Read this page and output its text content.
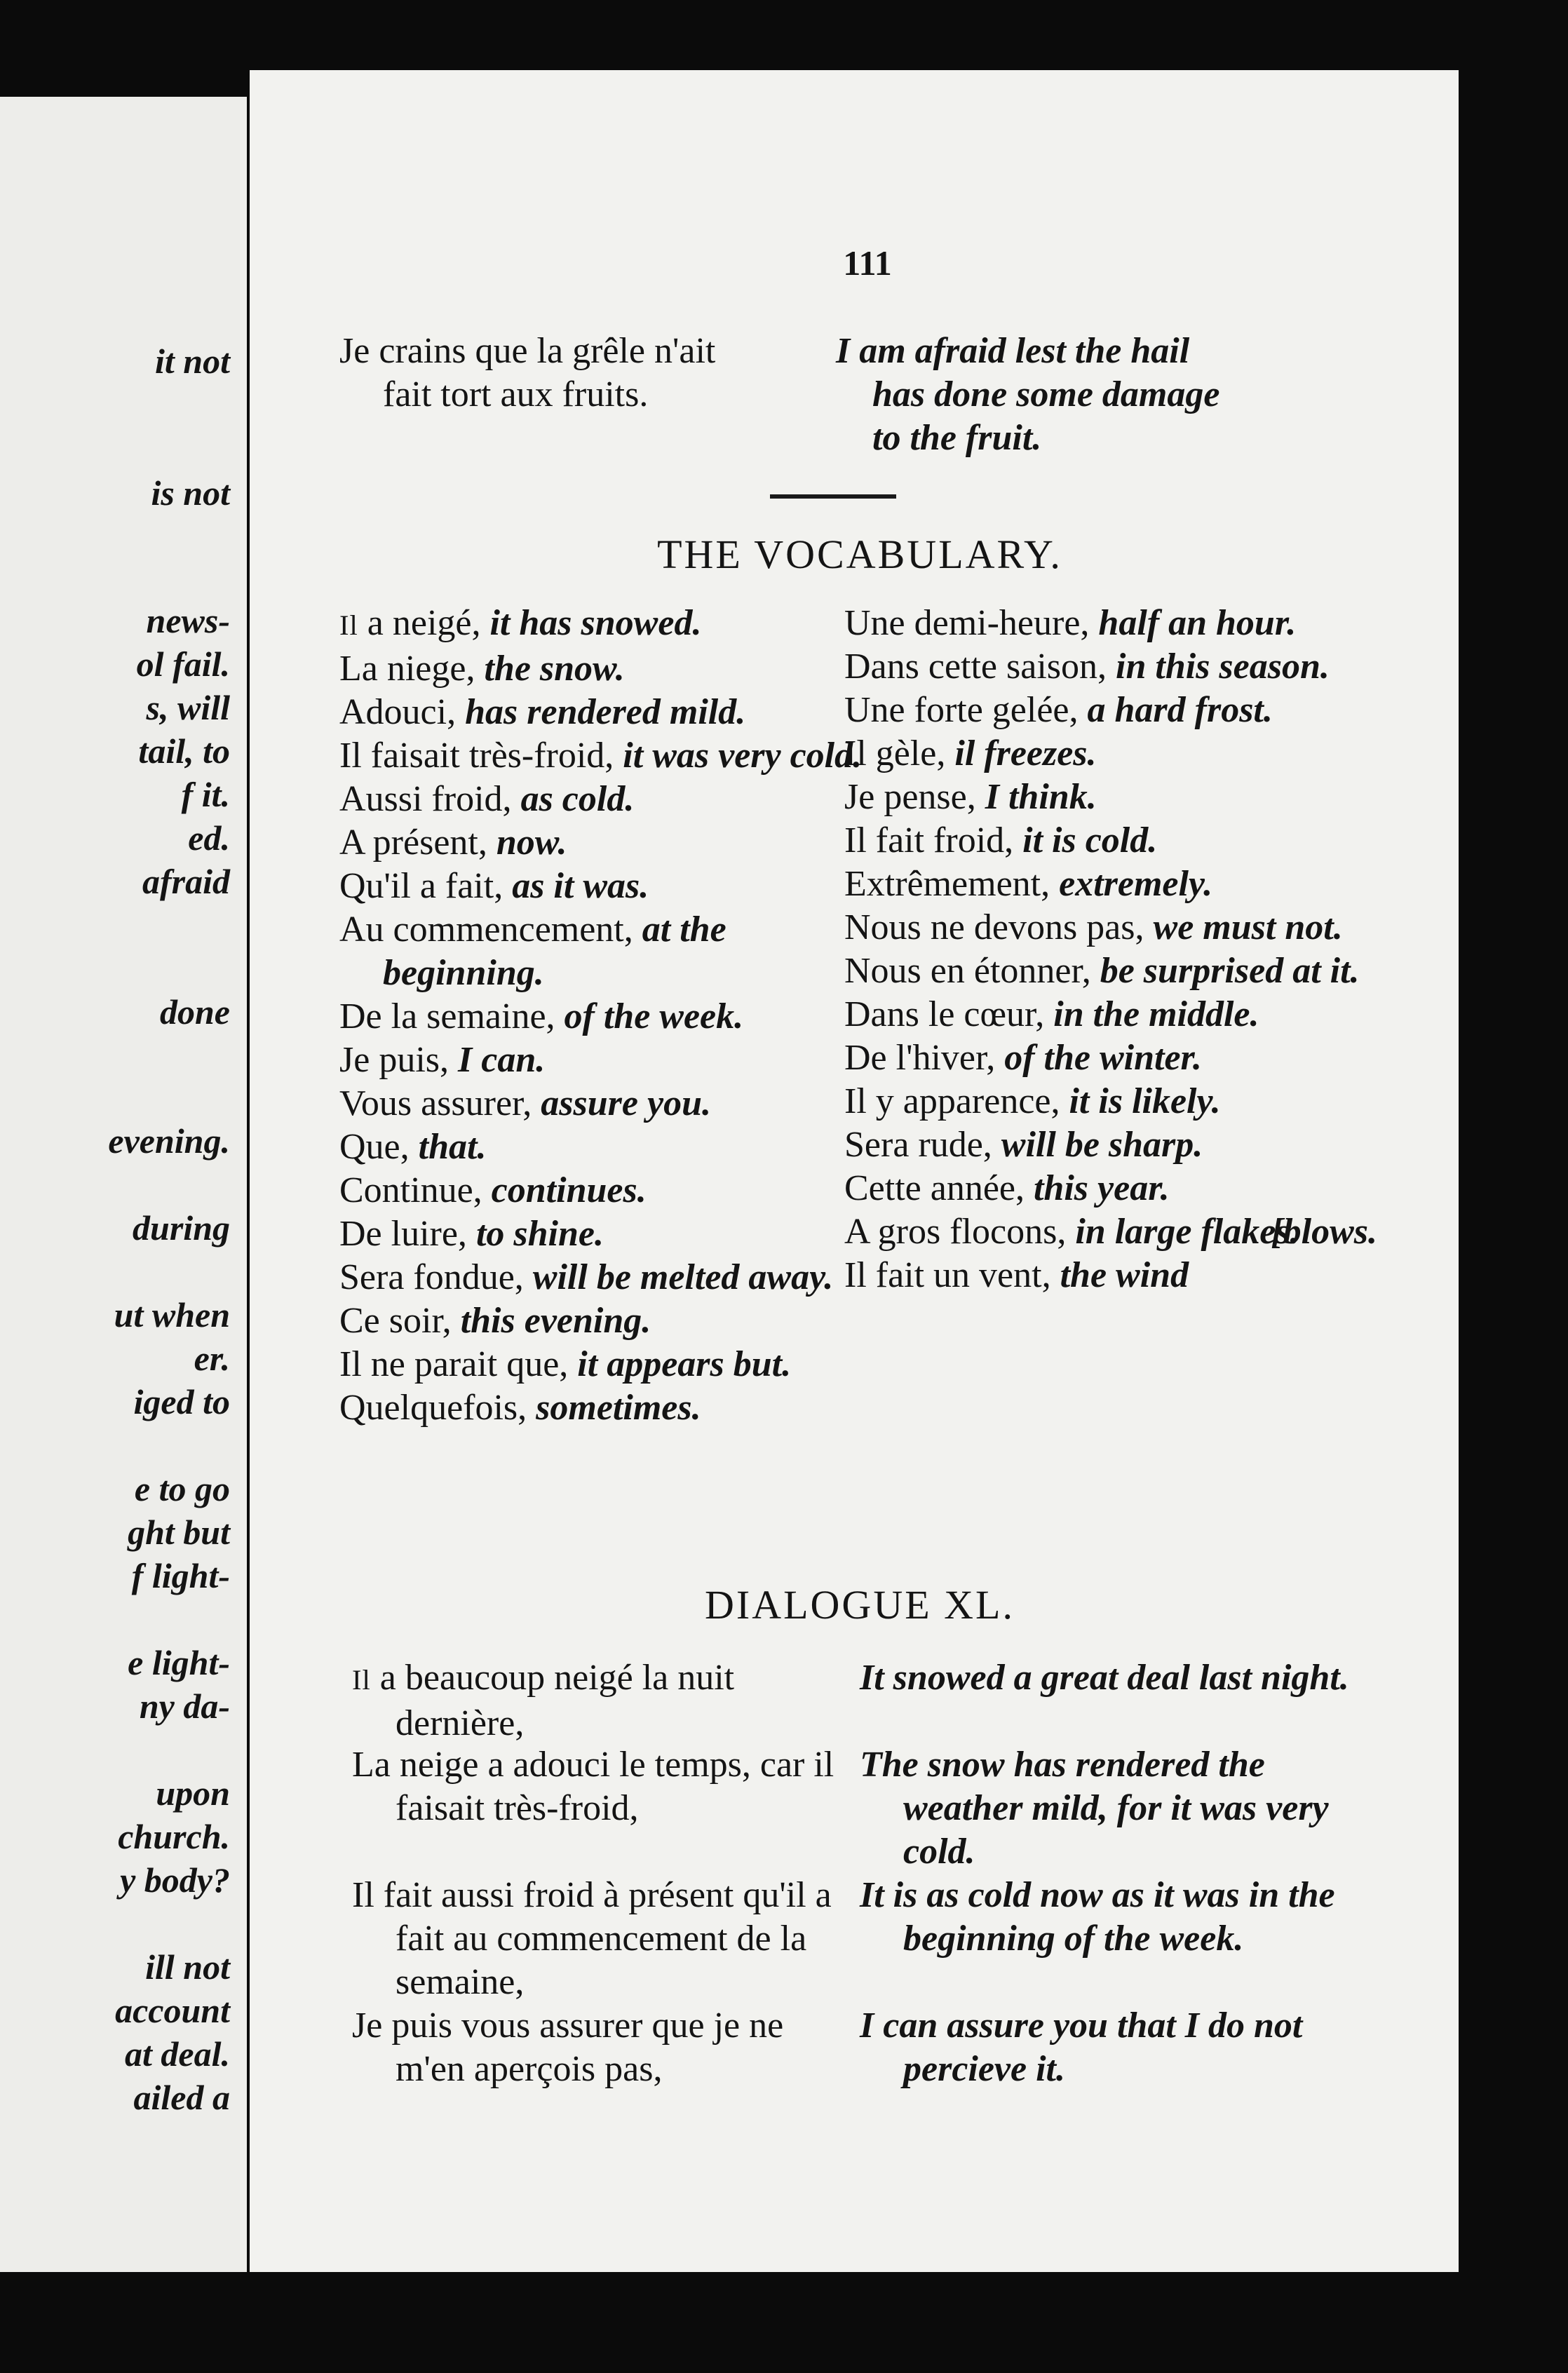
it not
is not
news-
ol fail.
s, will
tail, to
f it.
ed.
afraid
done
evening.
during
ut when
er.
iged to
e to go
ght but
f light-
e light-
ny da-
upon
church.
y body?
ill not
account
at deal.
ailed a
111
Je crains que la grêle n'ait
fait tort aux fruits.
I am afraid lest the hail
has done some damage
to the fruit.
THE VOCABULARY.
Il a neigé, it has snowed.
La niege, the snow.
Adouci, has rendered mild.
Il faisait très-froid, it was very cold.
Aussi froid, as cold.
A présent, now.
Qu'il a fait, as it was.
Au commencement, at the beginning.
De la semaine, of the week.
Je puis, I can.
Vous assurer, assure you.
Que, that.
Continue, continues.
De luire, to shine.
Sera fondue, will be melted away.
Ce soir, this evening.
Il ne parait que, it appears but.
Quelquefois, sometimes.
Une demi-heure, half an hour.
Dans cette saison, in this season.
Une forte gelée, a hard frost.
Il gèle, il freezes.
Je pense, I think.
Il fait froid, it is cold.
Extrêmement, extremely.
Nous ne devons pas, we must not.
Nous en étonner, be surprised at it.
Dans le cœur, in the middle.
De l'hiver, of the winter.
Il y apparence, it is likely.
Sera rude, will be sharp.
Cette année, this year.
A gros flocons, in large flakes.
[blows.
Il fait un vent, the wind
DIALOGUE XL.
Il a beaucoup neigé la nuit dernière,
It snowed a great deal last night.
La neige a adouci le temps, car il faisait très-froid,
The snow has rendered the weather mild, for it was very cold.
Il fait aussi froid à présent qu'il a fait au commencement de la semaine,
It is as cold now as it was in the beginning of the week.
Je puis vous assurer que je ne m'en aperçois pas,
I can assure you that I do not percieve it.
